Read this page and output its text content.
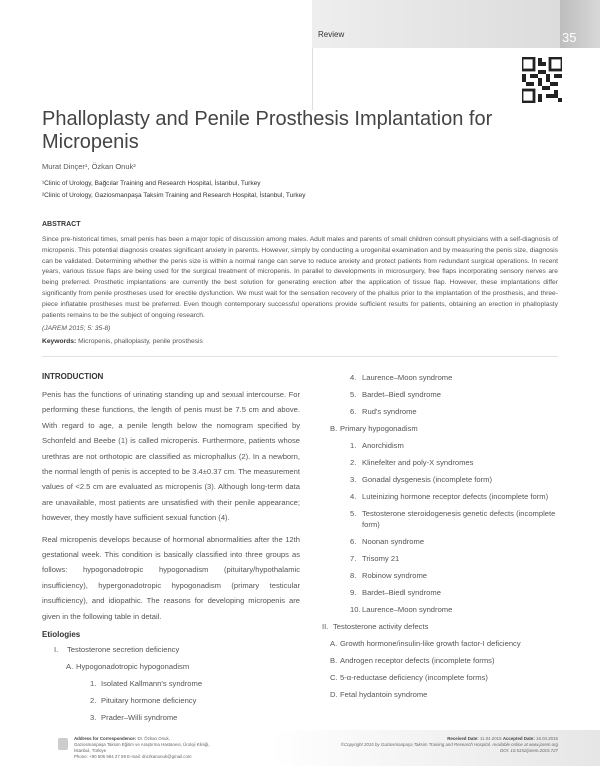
Review	35
Phalloplasty and Penile Prosthesis Implantation for Micropenis
Murat Dinçer¹, Özkan Onuk²
¹Clinic of Urology, Bağcılar Training and Research Hospital, İstanbul, Turkey
²Clinic of Urology, Gaziosmanpaşa Taksim Training and Research Hospital, İstanbul, Turkey
ABSTRACT
Since pre-historical times, small penis has been a major topic of discussion among males. Adult males and parents of small children consult physicians with a self-diagnosis of micropenis. This potential diagnosis creates significant anxiety in parents. However, simply by conducting a urogenital examination and by measuring the penis size, diagnosis can be validated. Determining whether the penis size is within a normal range can serve to reduce anxiety and protect patients from redundant surgical operations. In recent years, various tissue flaps are being used for the surgical treatment of micropenis. In parallel to developments in microsurgery, free flaps incorporating sensory nerves are being preferred. Prosthetic implantations are currently the best solution for generating erection after the application of tissue flap. However, these implantations differ significantly from penile prostheses used for erectile dysfunction. We must wait for the sensation recovery of the phallus prior to the implantation of the prosthesis, and three-piece inflatable prostheses must be preferred. Even though contemporary successful operations provide sufficient results for patients, obtaining an erection in phalloplasty patients remains to be the subject of ongoing research.
(JAREM 2015; 5: 35-8)
Keywords: Micropenis, phalloplasty, penile prosthesis
INTRODUCTION
Penis has the functions of urinating standing up and sexual intercourse. For performing these functions, the length of penis must be 7.5 cm and above. With regard to age, a penile length below the nomogram specified by Schonfeld and Beebe (1) is called micropenis. Furthermore, patients whose urethras are not orthotopic are classified as microphallus (2). In a newborn, the normal length of penis is accepted to be 3.4±0.37 cm. The measurement values of <2.5 cm are evaluated as micropenis (3). Although long-term data are unavailable, most patients are unsatisfied with their penile appearance; however, they mostly have sufficient sexual function (4).
Real micropenis develops because of hormonal abnormalities after the 12th gestational week. This condition is basically classified into three groups as follows: hypogonadotropic hypogonadism (pituitary/hypothalamic insufficiency), hypergonadotropic hypogonadism (primary testicular insufficiency), and idiopathic. The reasons for developing micropenis are given in the following table in detail.
Etiologies
I.	Testosterone secretion deficiency
A. Hypogonadotropic hypogonadism
1. Isolated Kallmann's syndrome
2. Pituitary hormone deficiency
3. Prader–Willi syndrome
4. Laurence–Moon syndrome
5. Bardet–Biedl syndrome
6. Rud's syndrome
B. Primary hypogonadism
1. Anorchidism
2. Klinefelter and poly-X syndromes
3. Gonadal dysgenesis (incomplete form)
4. Luteinizing hormone receptor defects (incomplete form)
5. Testosterone steroidogenesis genetic defects (incomplete form)
6. Noonan syndrome
7. Trisomy 21
8. Robinow syndrome
9. Bardet–Biedl syndrome
10. Laurence–Moon syndrome
II. Testosterone activity defects
A. Growth hormone/insulin-like growth factor-I deficiency
B. Androgen receptor defects (incomplete forms)
C. 5-α-reductase deficiency (incomplete forms)
D. Fetal hydantoin syndrome
Address for Correspondence: Dr. Özkan Onuk,
Gaziosmanpaşa Taksim Eğitim ve Araştırma Hastanesi, Üroloji Kliniği,
İstanbul, Türkiye
Phone: +90 506 594 27 59 E-mail: drozkanonuk@gmail.com
Received Date: 11.04.2015 Accepted Date: 16.04.2015
©Copyright 2015 by Gaziosmanpaşa Taksim Training and Research Hospital. Available online at www.jarem.org
DOI: 10.5152/jarem.2015.727
